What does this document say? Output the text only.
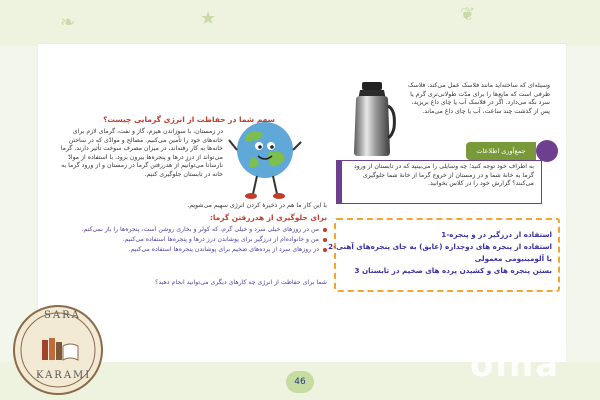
★	❦
❧
وسیله‌ای که ساخته‌اید مانند فلاسک عمل می‌کند. فلاسک ظرفی است که مایع‌ها را برای مدّت طولانی‌تری گرم یا سرد نگه می‌دارد. اگر در فلاسک آب یا چای داغ بریزید، پس از گذشت چند ساعت، آب یا چای داغ می‌ماند.
جمع‌آوری اطلاعات
به اطراف خود توجه کنید؛ چه وسایلی را می‌بینید که در تابستان از ورود گرما به خانهٔ شما و در زمستان از خروج گرما از خانهٔ شما جلوگیری می‌کنند؟ گزارش خود را در کلاس بخوانید.
استفاده از درزگیر در و پنجره-1
استفاده از پنجره های دوجداره (عایق) به جای پنجره‌های آهنی-2
یا آلومینیومی معمولی
بستن پنجره های و کشیدن پرده های ضخیم در تابستان 3
سهم شما در حفاظت از انرژی گرمایی چیست؟
در زمستان، با سوزاندن هیزم، گاز و نفت، گرمای لازم برای خانه‌های خود را تأمین می‌کنیم. مصالح و موادّی که در ساختن خانه‌ها به کار رفته‌اند، در میزان مصرف سوخت تأثیر دارند. گرما می‌تواند از درزِ درها و پنجره‌ها بیرون برود. با استفاده از موادّ نارسانا می‌توانیم از هدررفتن گرما در زمستان و از ورود گرما به خانه در تابستان جلوگیری کنیم.
با این کار ما هم در ذخیرهٔ کردن انرژی سهیم می‌شویم.
برای جلوگیری از هدررفتن گرما:
من در روزهای خیلی سرد و خیلی گرم، که کولر و بخاری روشن است، پنجره‌ها را باز نمی‌کنم.
من و خانواده‌ام از درزگیر برای پوشاندن درز درها و پنجره‌ها استفاده می‌کنیم.
در روزهای سرد از پرده‌های ضخیم برای پوشاندن پنجره‌ها استفاده می‌کنیم.
شما برای حفاظت از انرژی چه کارهای دیگری می‌توانید انجام دهید؟
46
SARA
KARAMI	olna
